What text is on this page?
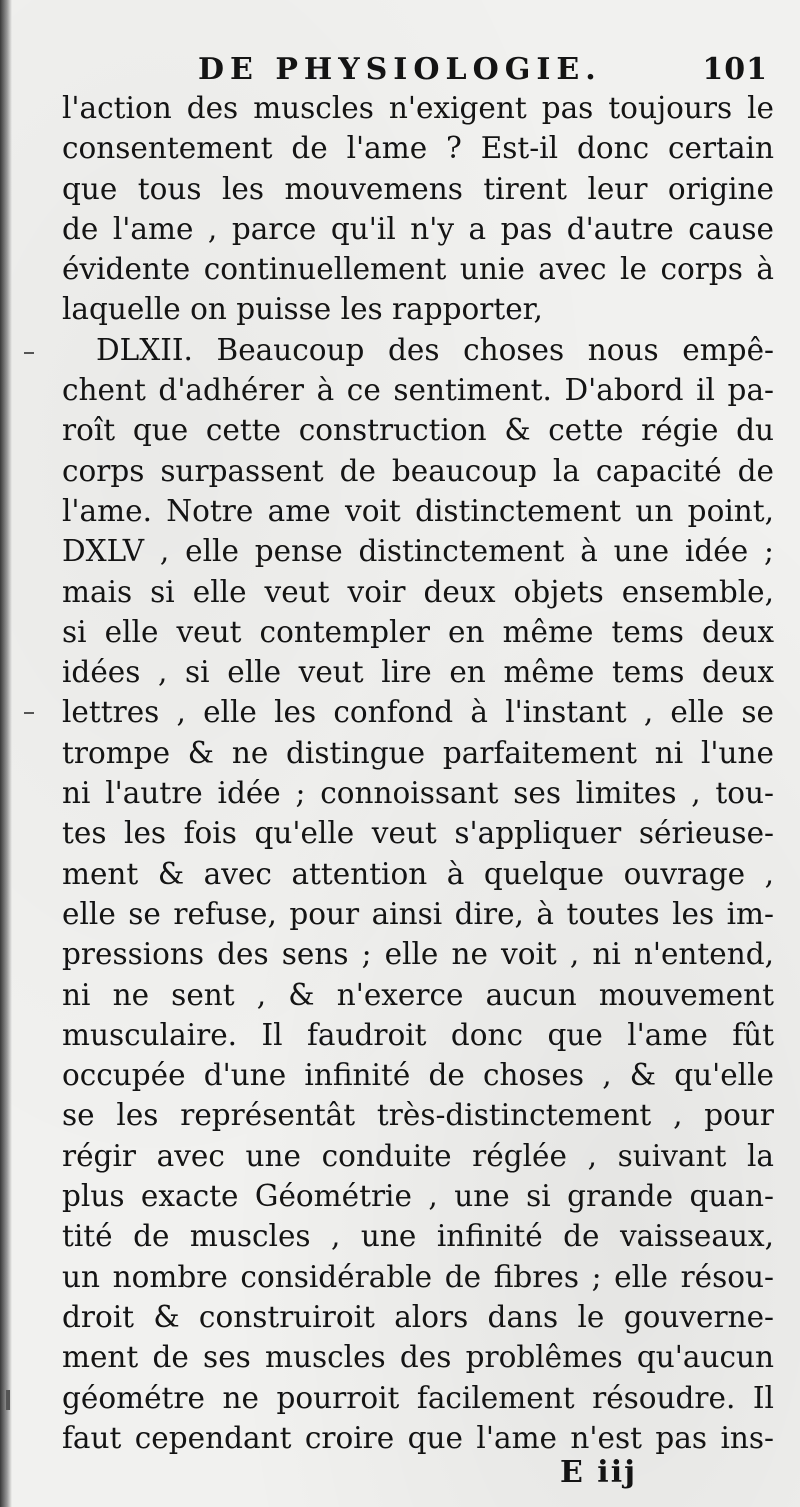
DE PHYSIOLOGIE.	101
l'action des muscles n'exigent pas toujours le
consentement de l'ame ? Est-il donc certain
que tous les mouvemens tirent leur origine
de l'ame , parce qu'il n'y a pas d'autre cause
évidente continuellement unie avec le corps à
laquelle on puisse les rapporter,
DLXII. Beaucoup des choses nous empê-
chent d'adhérer à ce sentiment. D'abord il pa-
roît que cette construction & cette régie du
corps surpassent de beaucoup la capacité de
l'ame. Notre ame voit distinctement un point,
DXLV , elle pense distinctement à une idée ;
mais si elle veut voir deux objets ensemble,
si elle veut contempler en même tems deux
idées , si elle veut lire en même tems deux
lettres , elle les confond à l'instant , elle se
trompe & ne distingue parfaitement ni l'une
ni l'autre idée ; connoissant ses limites , tou-
tes les fois qu'elle veut s'appliquer sérieuse-
ment & avec attention à quelque ouvrage ,
elle se refuse, pour ainsi dire, à toutes les im-
pressions des sens ; elle ne voit , ni n'entend,
ni ne sent , & n'exerce aucun mouvement
musculaire. Il faudroit donc que l'ame fût
occupée d'une infinité de choses , & qu'elle
se les représentât très-distinctement , pour
régir avec une conduite réglée , suivant la
plus exacte Géométrie , une si grande quan-
tité de muscles , une infinité de vaisseaux,
un nombre considérable de fibres ; elle résou-
droit & construiroit alors dans le gouverne-
ment de ses muscles des problêmes qu'aucun
géométre ne pourroit facilement résoudre. Il
faut cependant croire que l'ame n'est pas ins-
E iij
